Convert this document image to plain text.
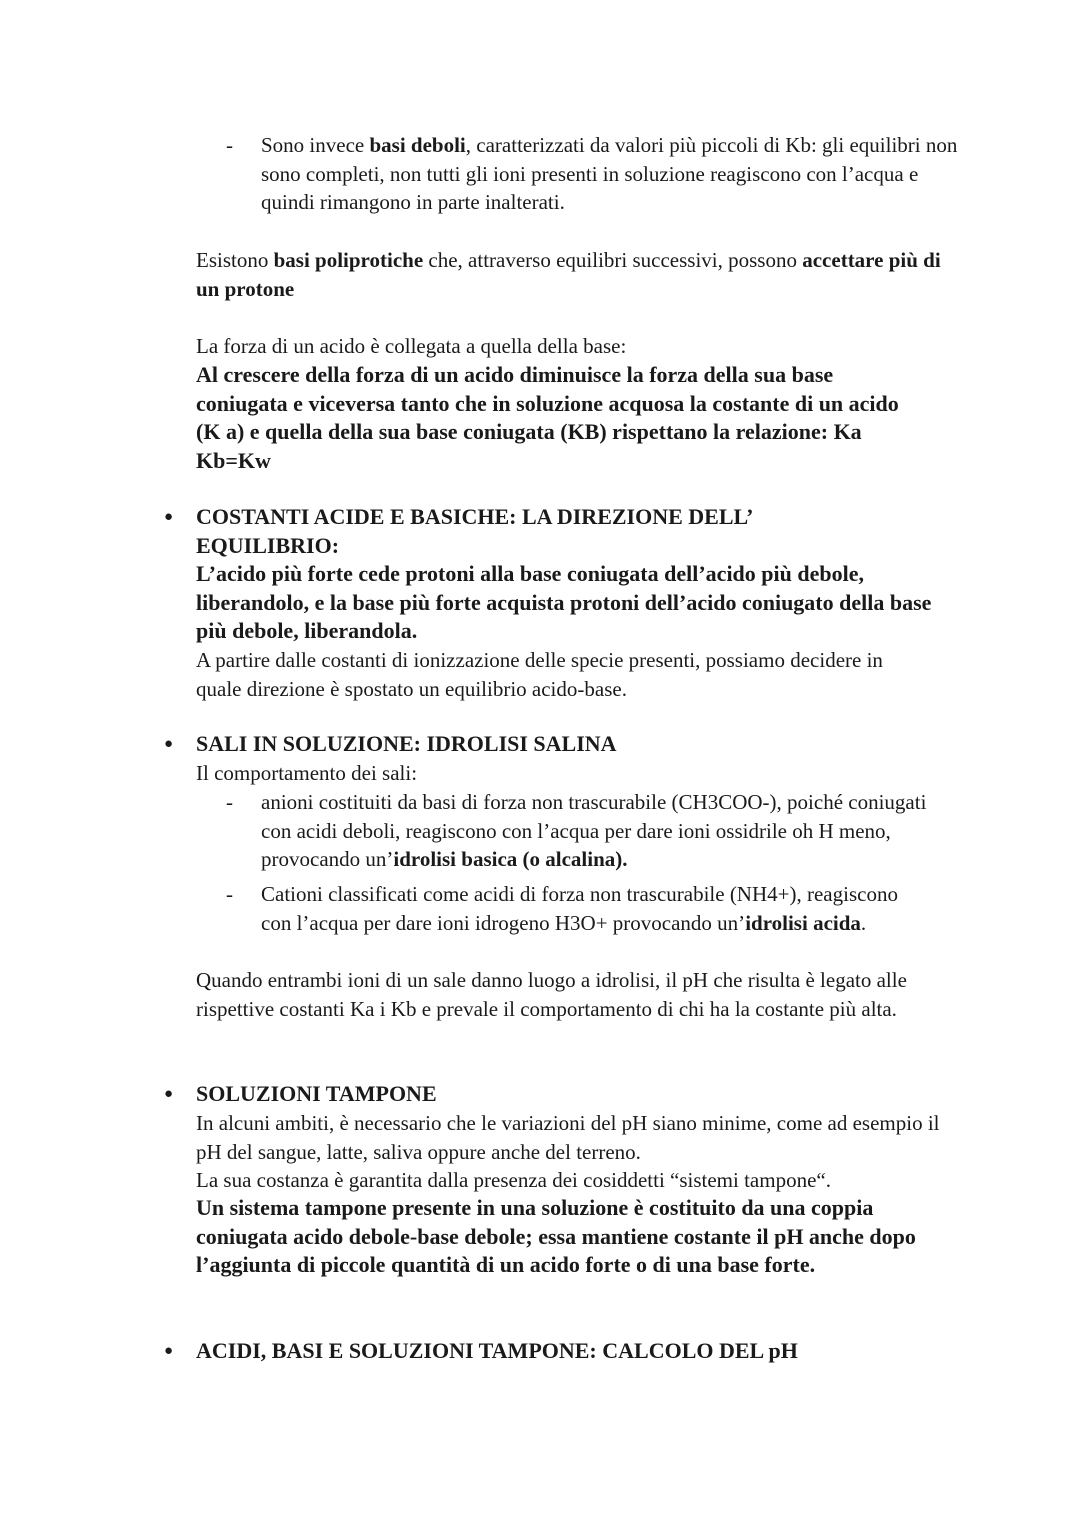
- Sono invece basi deboli, caratterizzati da valori più piccoli di Kb: gli equilibri non sono completi, non tutti gli ioni presenti in soluzione reagiscono con l’acqua e quindi rimangono in parte inalterati.

Esistono basi poliprotiche che, attraverso equilibri successivi, possono accettare più di un protone

La forza di un acido è collegata a quella della base:

Al crescere della forza di un acido diminuisce la forza della sua base coniugata e viceversa tanto che in soluzione acquosa la costante di un acido (K a) e quella della sua base coniugata (KB) rispettano la relazione: Ka Kb=Kw

● COSTANTI ACIDE E BASICHE: LA DIREZIONE DELL’ EQUILIBRIO:

L’acido più forte cede protoni alla base coniugata dell’acido più debole, liberandolo, e la base più forte acquista protoni dell’acido coniugato della base più debole, liberandola.

A partire dalle costanti di ionizzazione delle specie presenti, possiamo decidere in quale direzione è spostato un equilibrio acido-base.

● SALI IN SOLUZIONE: IDROLISI SALINA

Il comportamento dei sali:

- anioni costituiti da basi di forza non trascurabile (CH3COO-), poiché coniugati con acidi deboli, reagiscono con l’acqua per dare ioni ossidrile oh H meno, provocando un’idrolisi basica (o alcalina).

- Cationi classificati come acidi di forza non trascurabile (NH4+), reagiscono con l’acqua per dare ioni idrogeno H3O+ provocando un’idrolisi acida.

Quando entrambi ioni di un sale danno luogo a idrolisi, il pH che risulta è legato alle rispettive costanti Ka i Kb e prevale il comportamento di chi ha la costante più alta.

● SOLUZIONI TAMPONE

In alcuni ambiti, è necessario che le variazioni del pH siano minime, come ad esempio il pH del sangue, latte, saliva oppure anche del terreno.

La sua costanza è garantita dalla presenza dei cosiddetti “sistemi tampone“.

Un sistema tampone presente in una soluzione è costituito da una coppia coniugata acido debole-base debole; essa mantiene costante il pH anche dopo l’aggiunta di piccole quantità di un acido forte o di una base forte.

● ACIDI, BASI E SOLUZIONI TAMPONE: CALCOLO DEL pH
